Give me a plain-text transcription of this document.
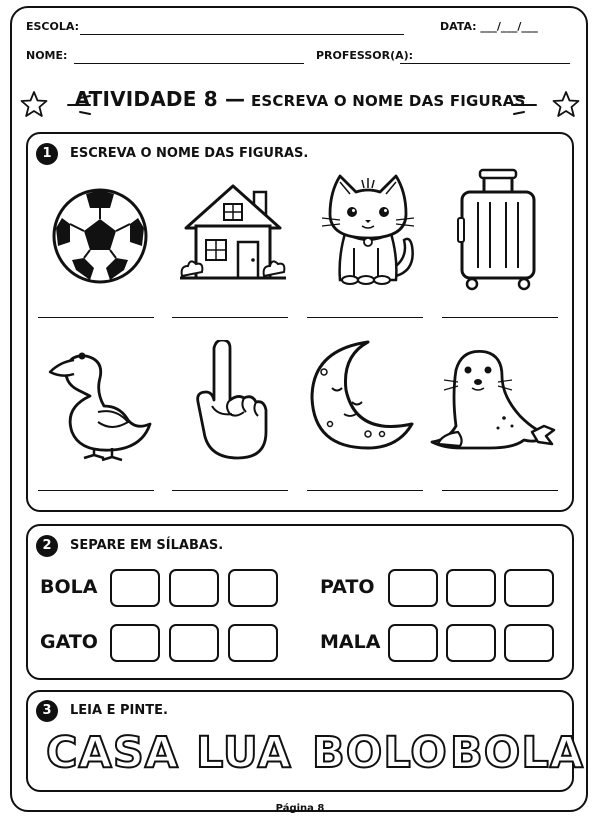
ESCOLA:	DATA: ___/___/___
NOME:	PROFESSOR(A):
ATIVIDADE 8 — ESCREVA O NOME DAS FIGURAS
1	ESCREVA O NOME DAS FIGURAS.
2	SEPARE EM SÍLABAS.
BOLA	PATO
GATO	MALA
3	LEIA E PINTE.
CASA LUA BOLO BOLA
Página 8
